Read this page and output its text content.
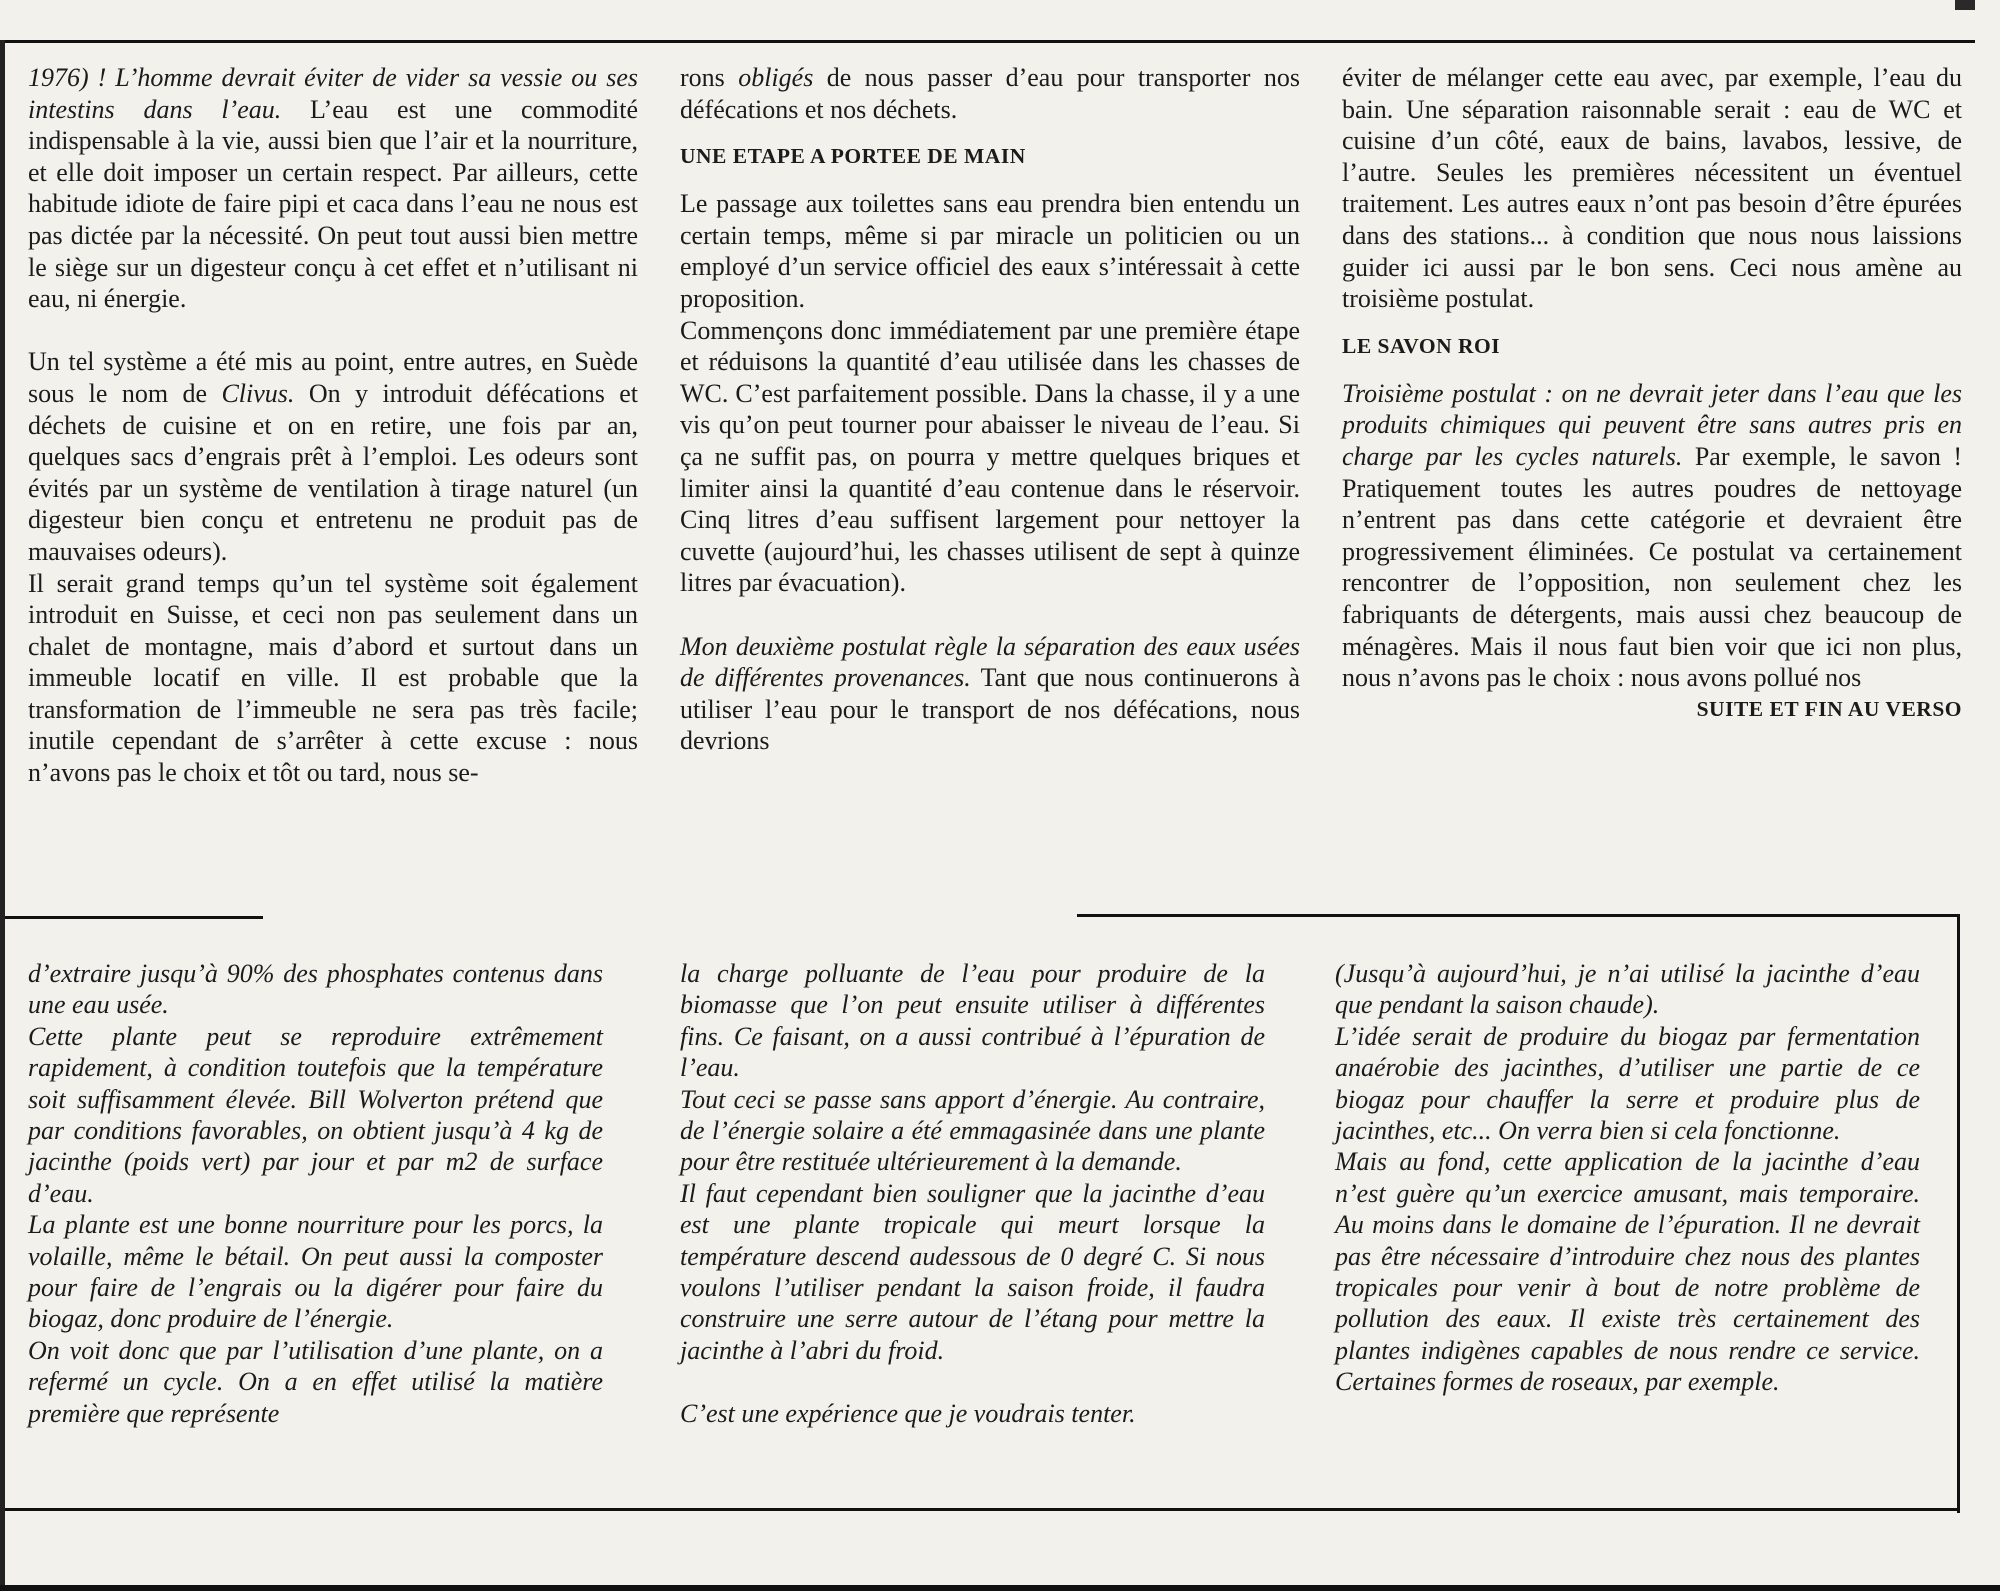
1976) ! L’homme devrait éviter de vider sa vessie ou ses intestins dans l’eau. L’eau est une commodité indispensable à la vie, aussi bien que l’air et la nourriture, et elle doit imposer un certain respect. Par ailleurs, cette habitude idiote de faire pipi et caca dans l’eau ne nous est pas dictée par la nécessité. On peut tout aussi bien mettre le siège sur un digesteur conçu à cet effet et n’utilisant ni eau, ni énergie.

Un tel système a été mis au point, entre autres, en Suède sous le nom de Clivus. On y introduit défécations et déchets de cuisine et on en retire, une fois par an, quelques sacs d’engrais prêt à l’emploi. Les odeurs sont évités par un système de ventilation à tirage naturel (un digesteur bien conçu et entretenu ne produit pas de mauvaises odeurs).

Il serait grand temps qu’un tel système soit également introduit en Suisse, et ceci non pas seulement dans un chalet de montagne, mais d’abord et surtout dans un immeuble locatif en ville. Il est probable que la transformation de l’immeuble ne sera pas très facile; inutile cependant de s’arrêter à cette excuse : nous n’avons pas le choix et tôt ou tard, nous se-

rons obligés de nous passer d’eau pour transporter nos défécations et nos déchets.

UNE ETAPE A PORTEE DE MAIN

Le passage aux toilettes sans eau prendra bien entendu un certain temps, même si par miracle un politicien ou un employé d’un service officiel des eaux s’intéressait à cette proposition.

Commençons donc immédiatement par une première étape et réduisons la quantité d’eau utilisée dans les chasses de WC. C’est parfaitement possible. Dans la chasse, il y a une vis qu’on peut tourner pour abaisser le niveau de l’eau. Si ça ne suffit pas, on pourra y mettre quelques briques et limiter ainsi la quantité d’eau contenue dans le réservoir. Cinq litres d’eau suffisent largement pour nettoyer la cuvette (aujourd’hui, les chasses utilisent de sept à quinze litres par évacuation).

Mon deuxième postulat règle la séparation des eaux usées de différentes provenances. Tant que nous continuerons à utiliser l’eau pour le transport de nos défécations, nous devrions

éviter de mélanger cette eau avec, par exemple, l’eau du bain. Une séparation raisonnable serait : eau de WC et cuisine d’un côté, eaux de bains, lavabos, lessive, de l’autre. Seules les premières nécessitent un éventuel traitement. Les autres eaux n’ont pas besoin d’être épurées dans des stations... à condition que nous nous laissions guider ici aussi par le bon sens. Ceci nous amène au troisième postulat.

LE SAVON ROI

Troisième postulat : on ne devrait jeter dans l’eau que les produits chimiques qui peuvent être sans autres pris en charge par les cycles naturels. Par exemple, le savon ! Pratiquement toutes les autres poudres de nettoyage n’entrent pas dans cette catégorie et devraient être progressivement éliminées. Ce postulat va certainement rencontrer de l’opposition, non seulement chez les fabriquants de détergents, mais aussi chez beaucoup de ménagères. Mais il nous faut bien voir que ici non plus, nous n’avons pas le choix : nous avons pollué nos

SUITE ET FIN AU VERSO

d’extraire jusqu’à 90% des phosphates contenus dans une eau usée.

Cette plante peut se reproduire extrêmement rapidement, à condition toutefois que la température soit suffisamment élevée. Bill Wolverton prétend que par conditions favorables, on obtient jusqu’à 4 kg de jacinthe (poids vert) par jour et par m2 de surface d’eau.

La plante est une bonne nourriture pour les porcs, la volaille, même le bétail. On peut aussi la composter pour faire de l’engrais ou la digérer pour faire du biogaz, donc produire de l’énergie.

On voit donc que par l’utilisation d’une plante, on a refermé un cycle. On a en effet utilisé la matière première que représente

la charge polluante de l’eau pour produire de la biomasse que l’on peut ensuite utiliser à différentes fins. Ce faisant, on a aussi contribué à l’épuration de l’eau.

Tout ceci se passe sans apport d’énergie. Au contraire, de l’énergie solaire a été emmagasinée dans une plante pour être restituée ultérieurement à la demande.

Il faut cependant bien souligner que la jacinthe d’eau est une plante tropicale qui meurt lorsque la température descend audessous de 0 degré C. Si nous voulons l’utiliser pendant la saison froide, il faudra construire une serre autour de l’étang pour mettre la jacinthe à l’abri du froid.

C’est une expérience que je voudrais tenter.

(Jusqu’à aujourd’hui, je n’ai utilisé la jacinthe d’eau que pendant la saison chaude).

L’idée serait de produire du biogaz par fermentation anaérobie des jacinthes, d’utiliser une partie de ce biogaz pour chauffer la serre et produire plus de jacinthes, etc... On verra bien si cela fonctionne.

Mais au fond, cette application de la jacinthe d’eau n’est guère qu’un exercice amusant, mais temporaire. Au moins dans le domaine de l’épuration. Il ne devrait pas être nécessaire d’introduire chez nous des plantes tropicales pour venir à bout de notre problème de pollution des eaux. Il existe très certainement des plantes indigènes capables de nous rendre ce service. Certaines formes de roseaux, par exemple.
